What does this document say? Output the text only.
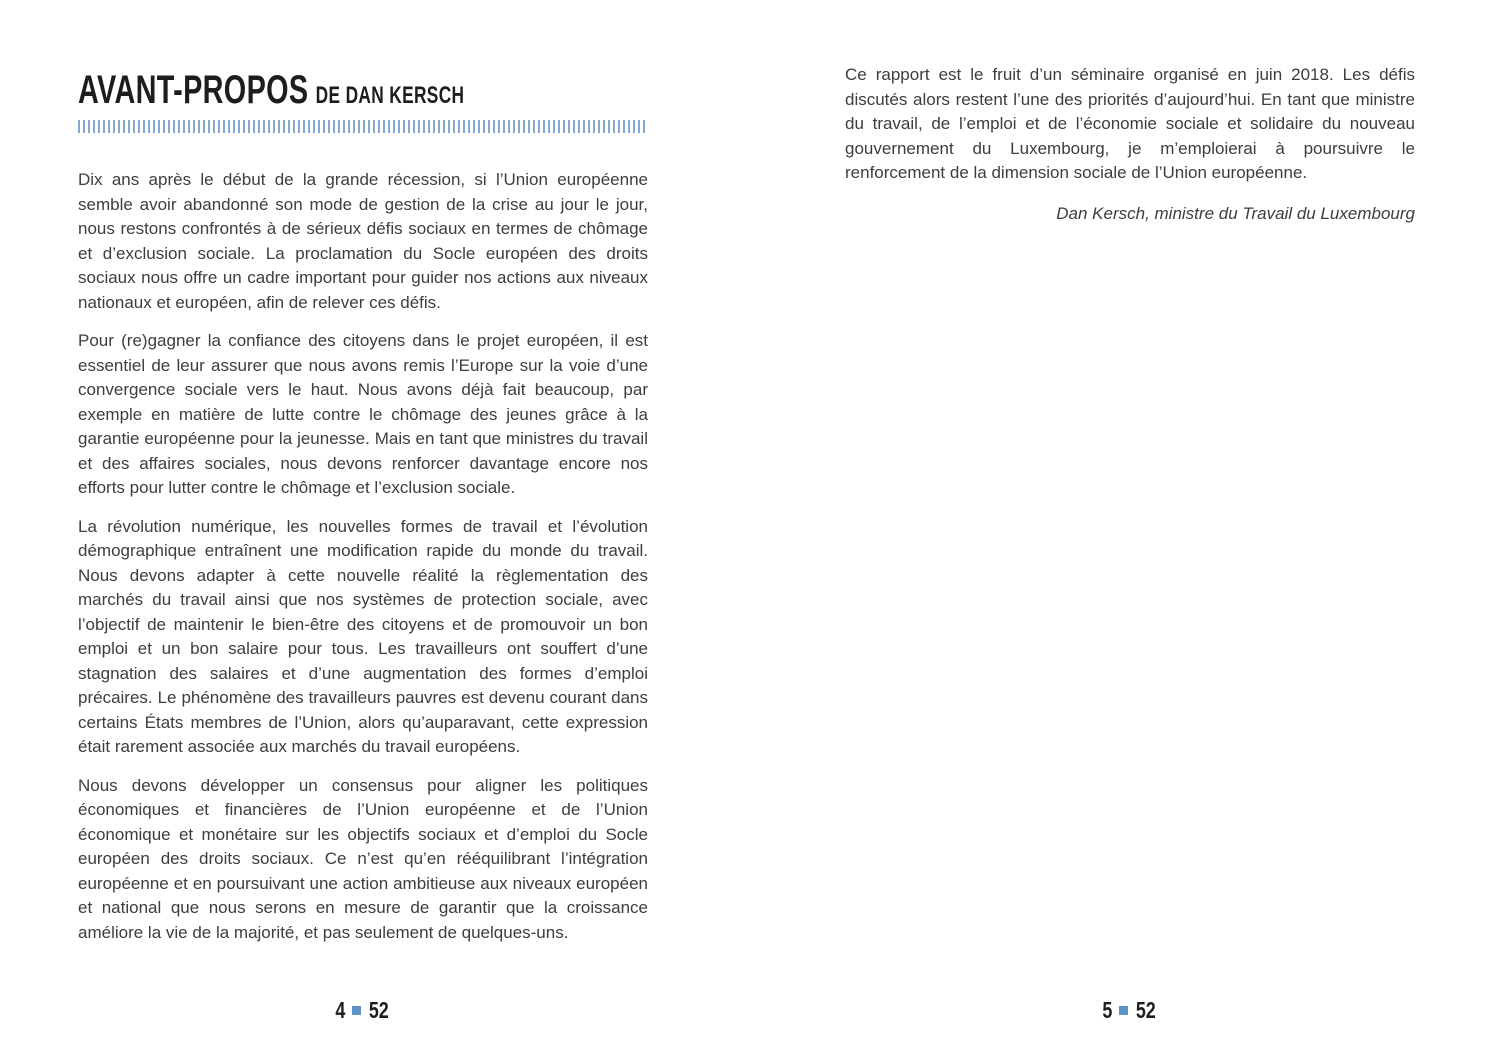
AVANT-PROPOS DE DAN KERSCH

Dix ans après le début de la grande récession, si l’Union européenne semble avoir abandonné son mode de gestion de la crise au jour le jour, nous restons confrontés à de sérieux défis sociaux en termes de chômage et d’exclusion sociale. La proclamation du Socle européen des droits sociaux nous offre un cadre important pour guider nos actions aux niveaux nationaux et européen, afin de relever ces défis.

Pour (re)gagner la confiance des citoyens dans le projet européen, il est essentiel de leur assurer que nous avons remis l’Europe sur la voie d’une convergence sociale vers le haut. Nous avons déjà fait beaucoup, par exemple en matière de lutte contre le chômage des jeunes grâce à la garantie européenne pour la jeunesse. Mais en tant que ministres du travail et des affaires sociales, nous devons renforcer davantage encore nos efforts pour lutter contre le chômage et l’exclusion sociale.

La révolution numérique, les nouvelles formes de travail et l’évolution démographique entraînent une modification rapide du monde du travail. Nous devons adapter à cette nouvelle réalité la règlementation des marchés du travail ainsi que nos systèmes de protection sociale, avec l’objectif de maintenir le bien-être des citoyens et de promouvoir un bon emploi et un bon salaire pour tous. Les travailleurs ont souffert d’une stagnation des salaires et d’une augmentation des formes d’emploi précaires. Le phénomène des travailleurs pauvres est devenu courant dans certains États membres de l’Union, alors qu’auparavant, cette expression était rarement associée aux marchés du travail européens.

Nous devons développer un consensus pour aligner les politiques économiques et financières de l’Union européenne et de l’Union économique et monétaire sur les objectifs sociaux et d’emploi du Socle européen des droits sociaux. Ce n’est qu’en rééquilibrant l’intégration européenne et en poursuivant une action ambitieuse aux niveaux européen et national que nous serons en mesure de garantir que la croissance améliore la vie de la majorité, et pas seulement de quelques-uns.

4 52

Ce rapport est le fruit d’un séminaire organisé en juin 2018. Les défis discutés alors restent l’une des priorités d’aujourd’hui. En tant que ministre du travail, de l’emploi et de l’économie sociale et solidaire du nouveau gouvernement du Luxembourg, je m’emploierai à poursuivre le renforcement de la dimension sociale de l’Union européenne.

Dan Kersch, ministre du Travail du Luxembourg
5 52
